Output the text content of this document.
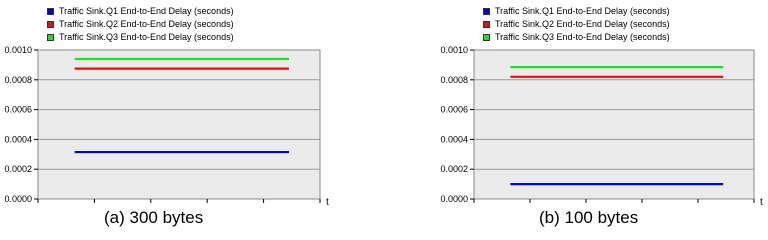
0.0000
0.0002
0.0004
0.0006
0.0008
0.0010
t
Traffic Sink.Q1 End-to-End Delay (seconds)
Traffic Sink.Q2 End-to-End Delay (seconds)
Traffic Sink.Q3 End-to-End Delay (seconds)
(a) 300 bytes
0.0000
0.0002
0.0004
0.0006
0.0008
0.0010
t
Traffic Sink.Q1 End-to-End Delay (seconds)
Traffic Sink.Q2 End-to-End Delay (seconds)
Traffic Sink.Q3 End-to-End Delay (seconds)
(b) 100 bytes
